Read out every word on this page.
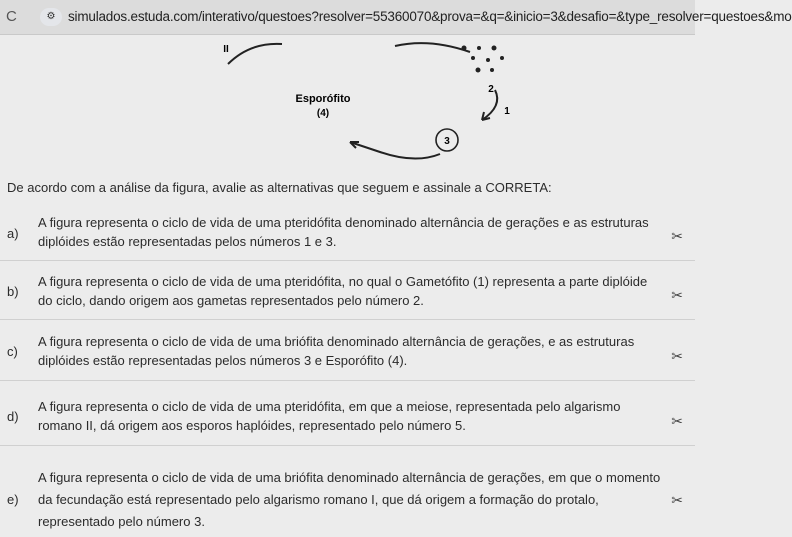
C	⚙ simulados.estuda.com/interativo/questoes?resolver=55360070&prova=&q=&inicio=3&desafio=&type_resolver=questoes&mo
3
Esporófito
(4)
II
2
1
De acordo com a análise da figura, avalie as alternativas que seguem e assinale a CORRETA:
a)
A figura representa o ciclo de vida de uma pteridófita denominado alternância de gerações e as estruturas
diplóides estão representadas pelos números 1 e 3.	✂
b)
A figura representa o ciclo de vida de uma pteridófita, no qual o Gametófito (1) representa a parte diplóide
do ciclo, dando origem aos gametas representados pelo número 2.	✂
c)
A figura representa o ciclo de vida de uma briófita denominado alternância de gerações, e as estruturas
diplóides estão representadas pelos números 3 e Esporófito (4).	✂
d)
A figura representa o ciclo de vida de uma pteridófita, em que a meiose, representada pelo algarismo
romano II, dá origem aos esporos haplóides, representado pelo número 5.	✂
A figura representa o ciclo de vida de uma briófita denominado alternância de gerações, em que o momento
e) da fecundação está representado pelo algarismo romano I, que dá origem a formação do protalo,
representado pelo número 3.
✂
